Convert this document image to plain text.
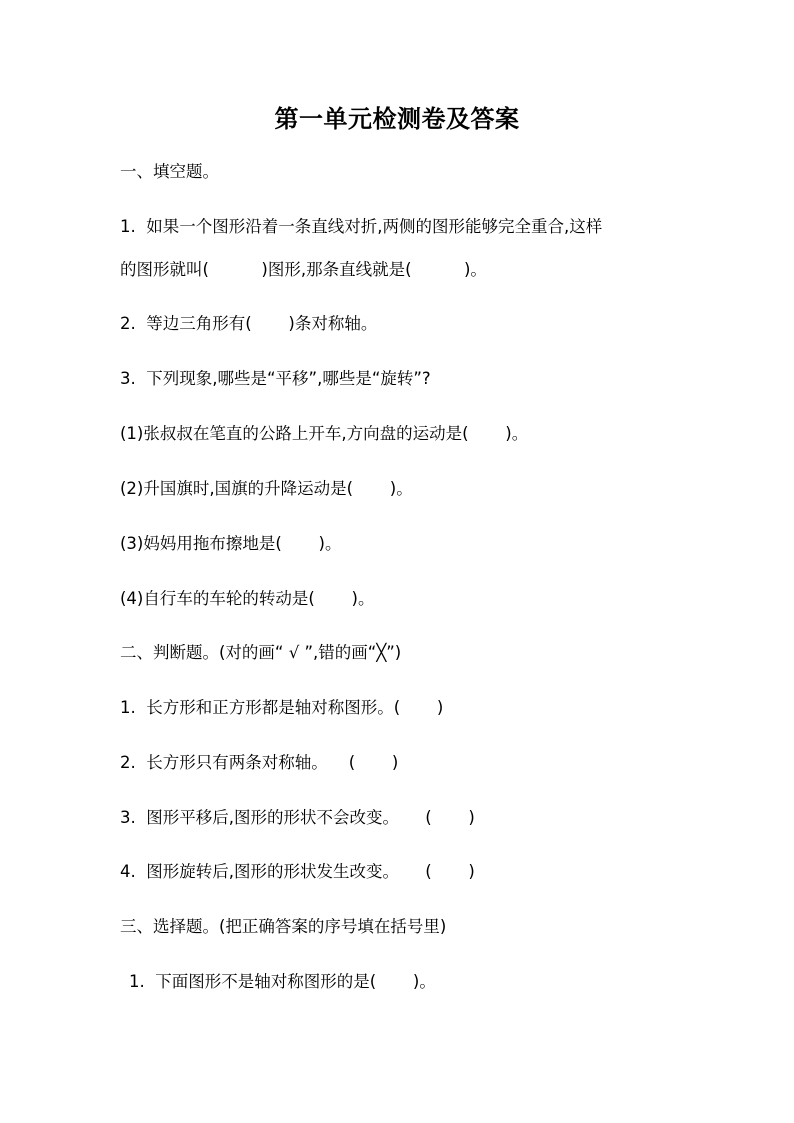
第一单元检测卷及答案
一、填空题。
1.  如果一个图形沿着一条直线对折,两侧的图形能够完全重合,这样
的图形就叫(          )图形,那条直线就是(          )。
2.  等边三角形有(       )条对称轴。
3.  下列现象,哪些是“平移”,哪些是“旋转”?
(1)张叔叔在笔直的公路上开车,方向盘的运动是(       )。
(2)升国旗时,国旗的升降运动是(       )。
(3)妈妈用拖布擦地是(       )。
(4)自行车的车轮的转动是(       )。
二、判断题。(对的画“ √ ”,错的画“╳”)
1.  长方形和正方形都是轴对称图形。(       )
2.  长方形只有两条对称轴。    (       )
3.  图形平移后,图形的形状不会改变。     (       )
4.  图形旋转后,图形的形状发生改变。     (       )
三、选择题。(把正确答案的序号填在括号里)
1.  下面图形不是轴对称图形的是(       )。
